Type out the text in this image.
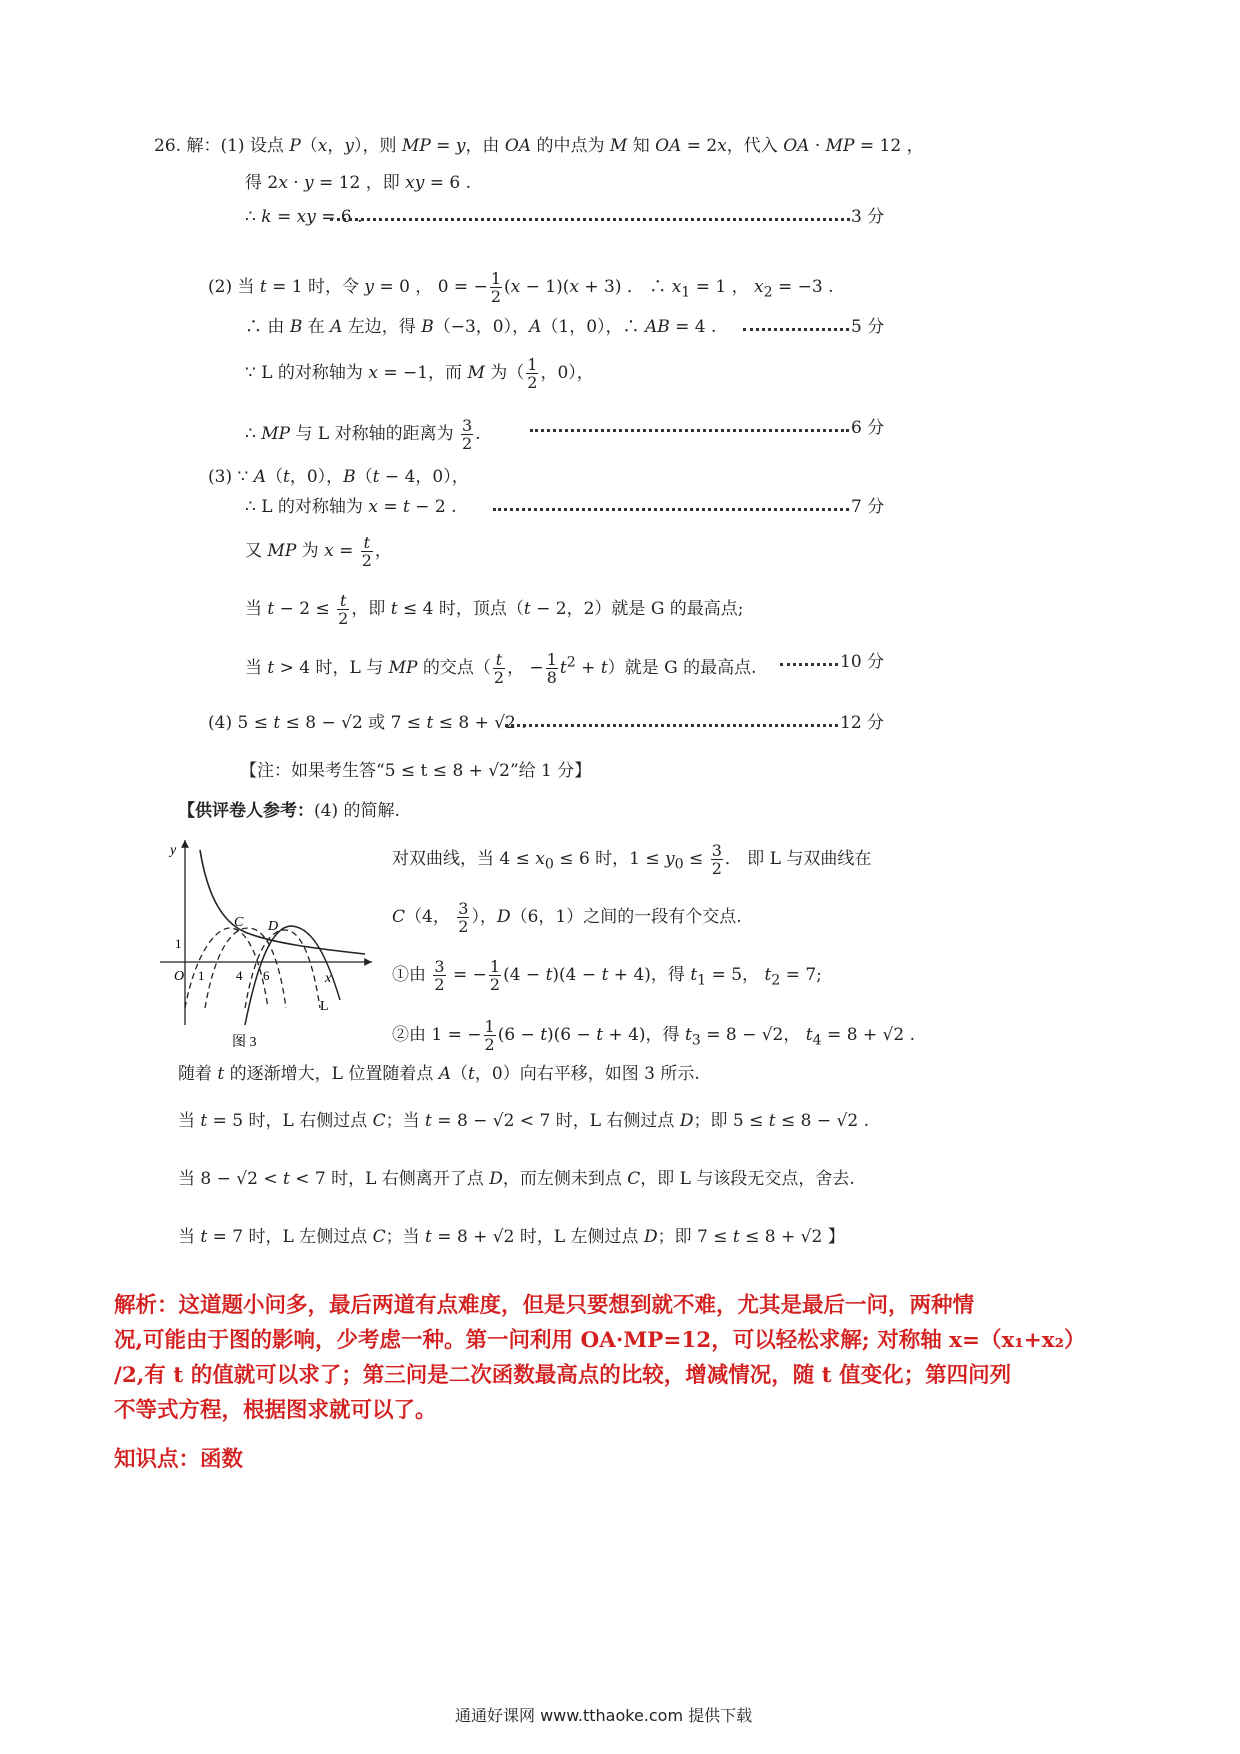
26. 解：(1) 设点 P（x，y），则 MP = y，由 OA 的中点为 M 知 OA = 2x，代入 OA · MP = 12 ，
得 2x · y = 12 ，即 xy = 6 .
∴ k = xy = 6 .	3 分
(2) 当 t = 1 时，令 y = 0 ， 0 = − $\frac{1}{2} (x - 1)(x + 3)$ ． ∴ $x_1 = 1$ ， $x_2 = -3$ .
∴ 由 B 在 A 左边，得 B（−3，0），A（1，0），∴ AB = 4 .	5 分
∵ L 的对称轴为 x = −1，而 M 为（ $\frac{1}{2}$ ，0），
∴ MP 与 L 对称轴的距离为 $\frac{3}{2}$ .	6 分
(3) ∵ A（t，0），B（t − 4，0），
∴ L 的对称轴为 x = t − 2 .	7 分
又 MP 为 $x = \frac{t}{2}$ ，
当 $t - 2 \le \frac{t}{2}$ ，即 t ≤ 4 时，顶点（t − 2，2）就是 G 的最高点;
当 t > 4 时，L 与 MP 的交点（ $\frac{t}{2}$ ， − $\frac{1}{8} t^2 + t$）就是 G 的最高点.	10 分
(4) 5 ≤ t ≤ 8 − √2 或 7 ≤ t ≤ 8 + √2 .	12 分
【注：如果考生答“5 ≤ t ≤ 8 + √2”给 1 分】
【供评卷人参考：(4) 的简解.
y
x
O
1
1 4 6
C D
L
图 3
对双曲线，当 $4 \le x_0 \le 6$ 时，$1 \le y_0 \le \frac{3}{2}$ ． 即 L 与双曲线在
C（4， $\frac{3}{2}$ ），D（6，1）之间的一段有个交点.
①由 $\frac{3}{2}$ = − $\frac{1}{2} (4 - t)(4 - t + 4)$，得 $t_1 = 5$， $t_2 = 7$;
②由 1 = − $\frac{1}{2} (6 - t)(6 - t + 4)$，得 $t_3 = 8 - √2$， $t_4 = 8 + √2$ .
随着 t 的逐渐增大，L 位置随着点 A（t，0）向右平移，如图 3 所示.
当 t = 5 时，L 右侧过点 C；当 t = 8 − √2 < 7 时，L 右侧过点 D；即 5 ≤ t ≤ 8 − √2 .
当 8 − √2 < t < 7 时，L 右侧离开了点 D，而左侧未到点 C，即 L 与该段无交点，舍去.
当 t = 7 时，L 左侧过点 C；当 t = 8 + √2 时，L 左侧过点 D；即 7 ≤ t ≤ 8 + √2 】
解析：这道题小问多，最后两道有点难度，但是只要想到就不难，尤其是最后一问，两种情
况,可能由于图的影响，少考虑一种。第一问利用 OA·MP=12，可以轻松求解; 对称轴 x=（x₁+x₂）
/2,有 t 的值就可以求了；第三问是二次函数最高点的比较，增减情况，随 t 值变化；第四问列
不等式方程，根据图求就可以了。
知识点：函数
通通好课网 www.tthaoke.com 提供下载
